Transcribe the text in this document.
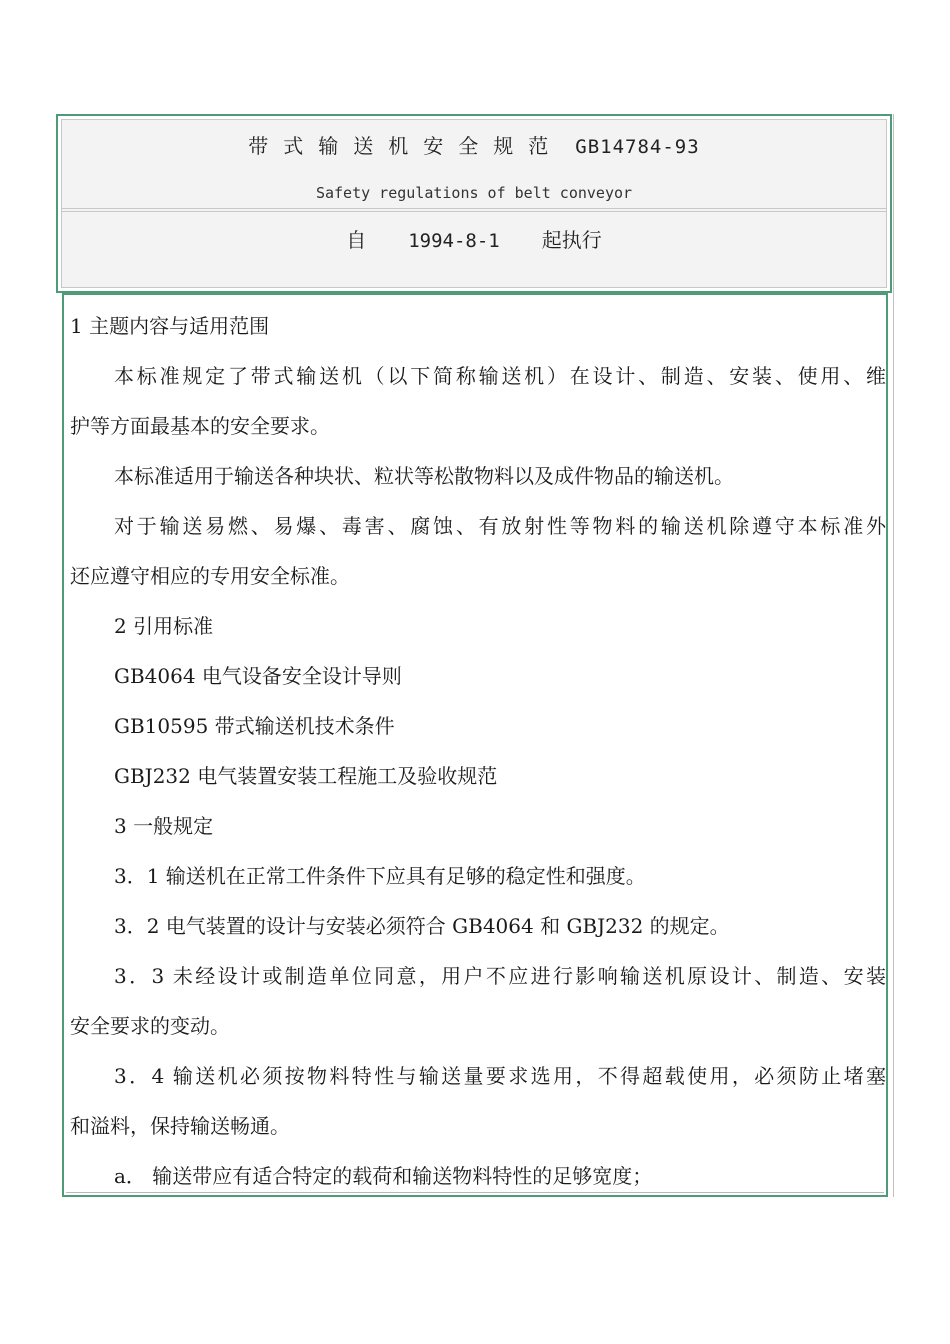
带式输送机安全规范 GB14784-93
Safety regulations of belt conveyor
自 1994-8-1 起执行
1 主题内容与适用范围
本标准规定了带式输送机（以下简称输送机）在设计、制造、安装、使用、维
护等方面最基本的安全要求。
本标准适用于输送各种块状、粒状等松散物料以及成件物品的输送机。
对于输送易燃、易爆、毒害、腐蚀、有放射性等物料的输送机除遵守本标准外
还应遵守相应的专用安全标准。
2 引用标准
GB4064 电气设备安全设计导则
GB10595 带式输送机技术条件
GBJ232 电气装置安装工程施工及验收规范
3 一般规定
3．1 输送机在正常工件条件下应具有足够的稳定性和强度。
3．2 电气装置的设计与安装必须符合 GB4064 和 GBJ232 的规定。
3．3 未经设计或制造单位同意，用户不应进行影响输送机原设计、制造、安装
安全要求的变动。
3．4 输送机必须按物料特性与输送量要求选用，不得超载使用，必须防止堵塞
和溢料，保持输送畅通。
a． 输送带应有适合特定的载荷和输送物料特性的足够宽度；
